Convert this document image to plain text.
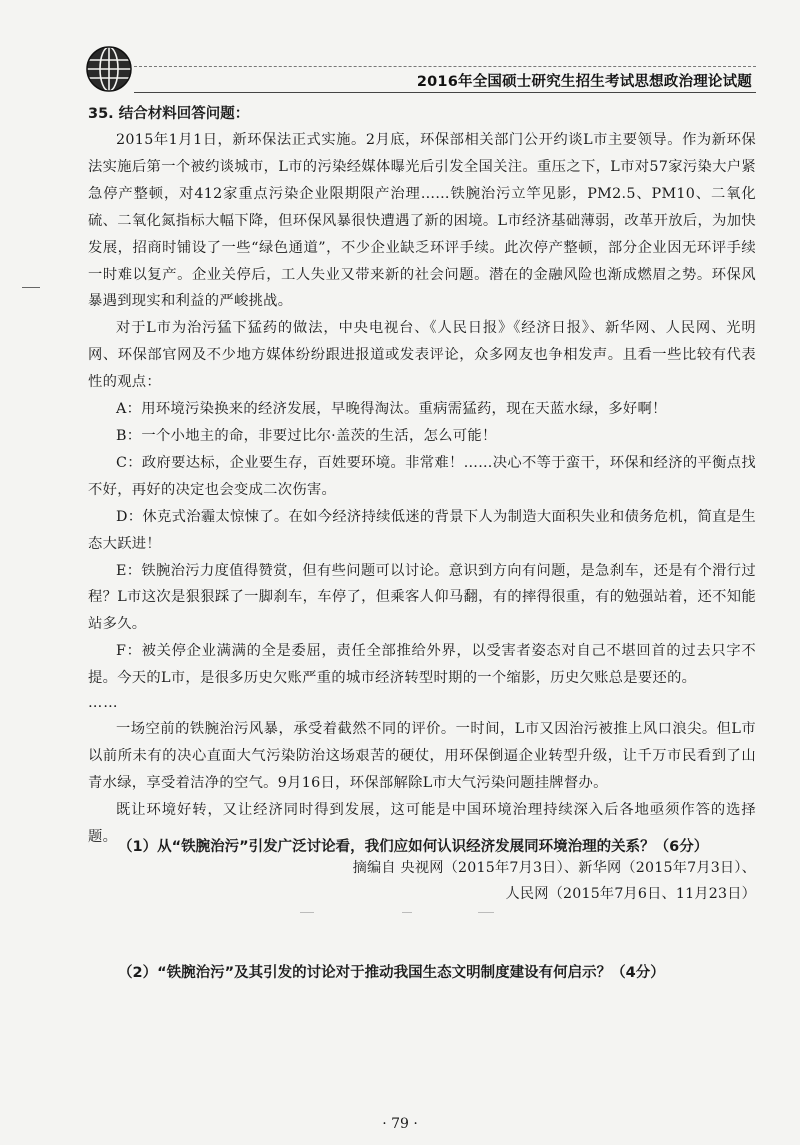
2016年全国硕士研究生招生考试思想政治理论试题
35. 结合材料回答问题：

2015年1月1日，新环保法正式实施。2月底，环保部相关部门公开约谈L市主要领导。作为新环保法实施后第一个被约谈城市，L市的污染经媒体曝光后引发全国关注。重压之下，L市对57家污染大户紧急停产整顿，对412家重点污染企业限期限产治理……铁腕治污立竿见影，PM2.5、PM10、二氧化硫、二氧化氮指标大幅下降，但环保风暴很快遭遇了新的困境。L市经济基础薄弱，改革开放后，为加快发展，招商时铺设了一些“绿色通道”，不少企业缺乏环评手续。此次停产整顿，部分企业因无环评手续一时难以复产。企业关停后，工人失业又带来新的社会问题。潜在的金融风险也渐成燃眉之势。环保风暴遇到现实和利益的严峻挑战。

对于L市为治污猛下猛药的做法，中央电视台、《人民日报》《经济日报》、新华网、人民网、光明网、环保部官网及不少地方媒体纷纷跟进报道或发表评论，众多网友也争相发声。且看一些比较有代表性的观点：

A：用环境污染换来的经济发展，早晚得淘汰。重病需猛药，现在天蓝水绿，多好啊！

B：一个小地主的命，非要过比尔·盖茨的生活，怎么可能！

C：政府要达标，企业要生存，百姓要环境。非常难！……决心不等于蛮干，环保和经济的平衡点找不好，再好的决定也会变成二次伤害。

D：休克式治霾太惊悚了。在如今经济持续低迷的背景下人为制造大面积失业和债务危机，简直是生态大跃进！

E：铁腕治污力度值得赞赏，但有些问题可以讨论。意识到方向有问题，是急刹车，还是有个滑行过程？L市这次是狠狠踩了一脚刹车，车停了，但乘客人仰马翻，有的摔得很重，有的勉强站着，还不知能站多久。

F：被关停企业满满的全是委屈，责任全部推给外界，以受害者姿态对自己不堪回首的过去只字不提。今天的L市，是很多历史欠账严重的城市经济转型时期的一个缩影，历史欠账总是要还的。

……

一场空前的铁腕治污风暴，承受着截然不同的评价。一时间，L市又因治污被推上风口浪尖。但L市以前所未有的决心直面大气污染防治这场艰苦的硬仗，用环保倒逼企业转型升级，让千万市民看到了山青水绿，享受着洁净的空气。9月16日，环保部解除L市大气污染问题挂牌督办。

既让环境好转，又让经济同时得到发展，这可能是中国环境治理持续深入后各地亟须作答的选择题。

摘编自 央视网（2015年7月3日）、新华网（2015年7月3日）、
人民网（2015年7月6日、11月23日）
（1）从“铁腕治污”引发广泛讨论看，我们应如何认识经济发展同环境治理的关系？（6分）
（2）“铁腕治污”及其引发的讨论对于推动我国生态文明制度建设有何启示？（4分）
· 79 ·
